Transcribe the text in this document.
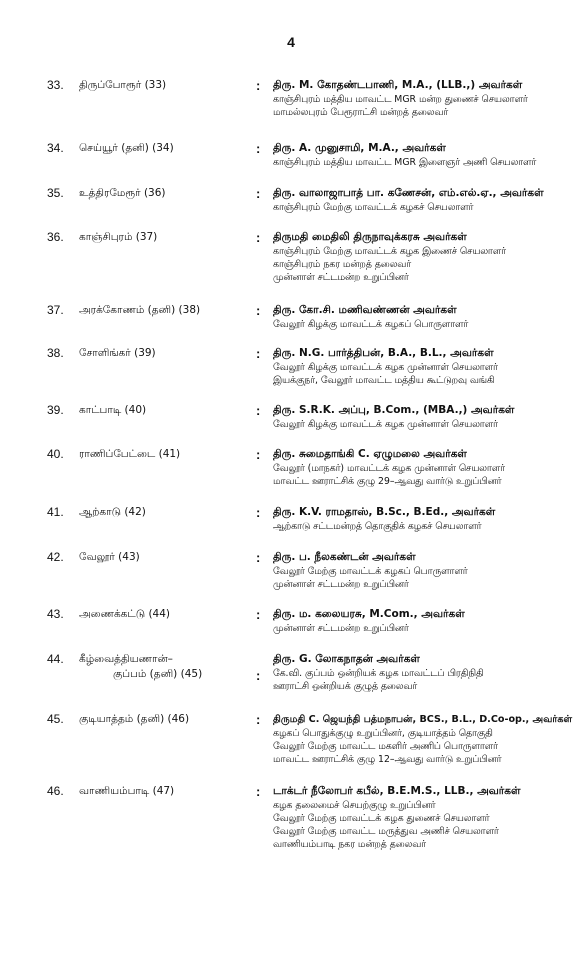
4
33. திருப்போரூர் (33)	: திரு. M. கோதண்டபாணி, M.A., (LLB.,) அவர்கள்
காஞ்சிபுரம் மத்திய மாவட்ட MGR மன்ற துணைச் செயலாளர்
மாமல்லபுரம் பேரூராட்சி மன்றத் தலைவர்
34. செய்யூர் (தனி) (34)	: திரு. A. முனுசாமி, M.A., அவர்கள்
காஞ்சிபுரம் மத்திய மாவட்ட MGR இளைஞர் அணி செயலாளர்
35. உத்திரமேரூர் (36)	: திரு. வாலாஜாபாத் பா. கணேசன், எம்.எல்.ஏ., அவர்கள்
காஞ்சிபுரம் மேற்கு மாவட்டக் கழகச் செயலாளர்
36. காஞ்சிபுரம் (37)	: திருமதி மைதிலி திருநாவுக்கரசு அவர்கள்
காஞ்சிபுரம் மேற்கு மாவட்டக் கழக இணைச் செயலாளர்
காஞ்சிபுரம் நகர மன்றத் தலைவர்
முன்னாள் சட்டமன்ற உறுப்பினர்
37. அரக்கோணம் (தனி) (38)	: திரு. கோ.சி. மணிவண்ணன் அவர்கள்
வேலூர் கிழக்கு மாவட்டக் கழகப் பொருளாளர்
38. சோளிங்கர் (39)	: திரு. N.G. பார்த்திபன், B.A., B.L., அவர்கள்
வேலூர் கிழக்கு மாவட்டக் கழக முன்னாள் செயலாளர்
இயக்குநர், வேலூர் மாவட்ட மத்திய கூட்டுறவு வங்கி
39. காட்பாடி (40)	: திரு. S.R.K. அப்பு, B.Com., (MBA.,) அவர்கள்
வேலூர் கிழக்கு மாவட்டக் கழக முன்னாள் செயலாளர்
40. ராணிப்பேட்டை (41)	: திரு. சுமைதாங்கி C. ஏழுமலை அவர்கள்
வேலூர் (மாநகர்) மாவட்டக் கழக முன்னாள் செயலாளர்
மாவட்ட ஊராட்சிக் குழு 29–ஆவது வார்டு உறுப்பினர்
41. ஆற்காடு (42)	: திரு. K.V. ராமதாஸ், B.Sc., B.Ed., அவர்கள்
ஆற்காடு சட்டமன்றத் தொகுதிக் கழகச் செயலாளர்
42. வேலூர் (43)	: திரு. ப. நீலகண்டன் அவர்கள்
வேலூர் மேற்கு மாவட்டக் கழகப் பொருளாளர்
முன்னாள் சட்டமன்ற உறுப்பினர்
43. அணைக்கட்டு (44)	: திரு. ம. கலையரசு, M.Com., அவர்கள்
முன்னாள் சட்டமன்ற உறுப்பினர்
44. கீழ்வைத்தியணான்–
குப்பம் (தனி) (45)	:
திரு. G. லோகநாதன் அவர்கள்
கே.வி. குப்பம் ஒன்றியக் கழக மாவட்டப் பிரதிநிதி
ஊராட்சி ஒன்றியக் குழுத் தலைவர்
45. குடியாத்தம் (தனி) (46)	: திருமதி C. ஜெயந்தி பத்மநாபன், BCS., B.L., D.Co-op., அவர்கள்
கழகப் பொதுக்குழு உறுப்பினர், குடியாத்தம் தொகுதி
வேலூர் மேற்கு மாவட்ட மகளிர் அணிப் பொருளாளர்
மாவட்ட ஊராட்சிக் குழு 12–ஆவது வார்டு உறுப்பினர்
46. வாணியம்பாடி (47)	: டாக்டர் நீலோபர் கபீல், B.E.M.S., LLB., அவர்கள்
கழக தலைமைச் செயற்குழு உறுப்பினர்
வேலூர் மேற்கு மாவட்டக் கழக துணைச் செயலாளர்
வேலூர் மேற்கு மாவட்ட மருத்துவ அணிச் செயலாளர்
வாணியம்பாடி நகர மன்றத் தலைவர்
